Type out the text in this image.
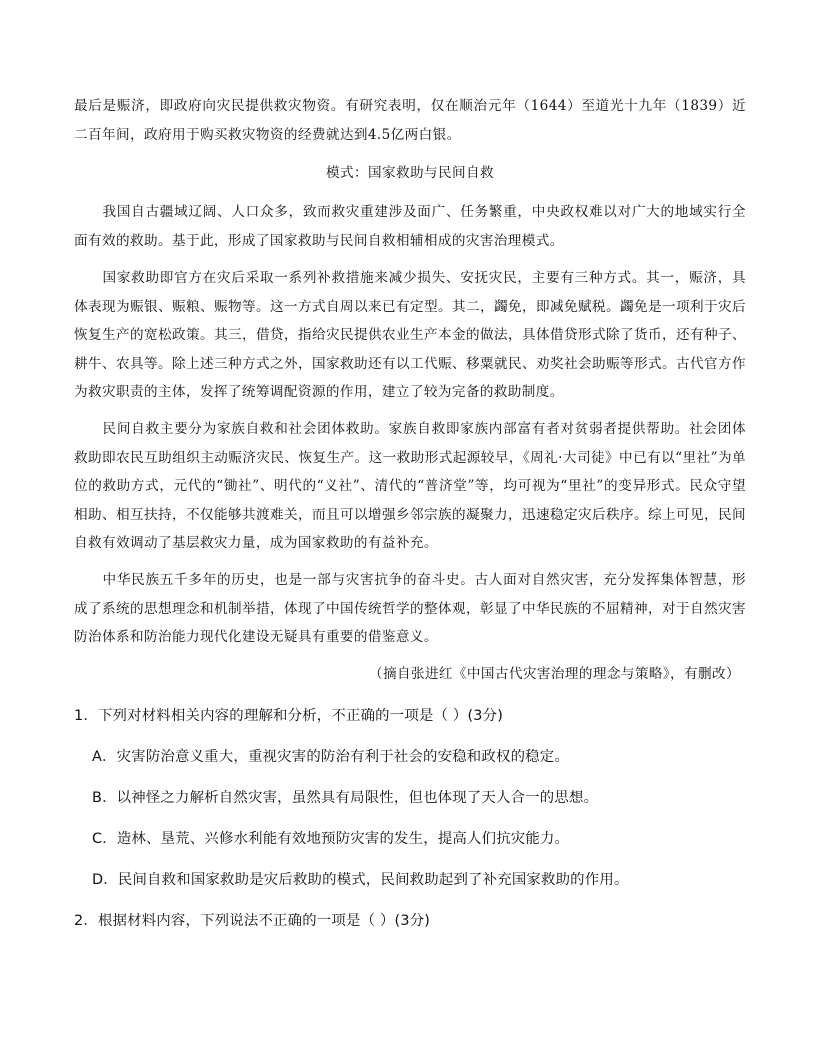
最后是赈济，即政府向灾民提供救灾物资。有研究表明，仅在顺治元年（1644）至道光十九年（1839）近二百年间，政府用于购买救灾物资的经费就达到4.5亿两白银。

模式：国家救助与民间自救

我国自古疆域辽阔、人口众多，致而救灾重建涉及面广、任务繁重，中央政权难以对广大的地域实行全面有效的救助。基于此，形成了国家救助与民间自救相辅相成的灾害治理模式。

国家救助即官方在灾后采取一系列补救措施来减少损失、安抚灾民，主要有三种方式。其一，赈济，具体表现为赈银、赈粮、赈物等。这一方式自周以来已有定型。其二，蠲免，即减免赋税。蠲免是一项利于灾后恢复生产的宽松政策。其三，借贷，指给灾民提供农业生产本金的做法，具体借贷形式除了货币，还有种子、耕牛、农具等。除上述三种方式之外，国家救助还有以工代赈、移粟就民、劝奖社会助赈等形式。古代官方作为救灾职责的主体，发挥了统筹调配资源的作用，建立了较为完备的救助制度。

民间自救主要分为家族自救和社会团体救助。家族自救即家族内部富有者对贫弱者提供帮助。社会团体救助即农民互助组织主动赈济灾民、恢复生产。这一救助形式起源较早，《周礼·大司徒》中已有以“里社”为单位的救助方式，元代的“锄社”、明代的“义社”、清代的“普济堂”等，均可视为“里社”的变异形式。民众守望相助、相互扶持，不仅能够共渡难关，而且可以增强乡邻宗族的凝聚力，迅速稳定灾后秩序。综上可见，民间自救有效调动了基层救灾力量，成为国家救助的有益补充。

中华民族五千多年的历史，也是一部与灾害抗争的奋斗史。古人面对自然灾害，充分发挥集体智慧，形成了系统的思想理念和机制举措，体现了中国传统哲学的整体观，彰显了中华民族的不屈精神，对于自然灾害防治体系和防治能力现代化建设无疑具有重要的借鉴意义。

（摘自张进红《中国古代灾害治理的理念与策略》，有删改）

1．下列对材料相关内容的理解和分析，不正确的一项是（ ）(3分)

A．灾害防治意义重大，重视灾害的防治有利于社会的安稳和政权的稳定。

B．以神怪之力解析自然灾害，虽然具有局限性，但也体现了天人合一的思想。

C．造林、垦荒、兴修水利能有效地预防灾害的发生，提高人们抗灾能力。

D．民间自救和国家救助是灾后救助的模式，民间救助起到了补充国家救助的作用。

2．根据材料内容，下列说法不正确的一项是（ ）(3分)
